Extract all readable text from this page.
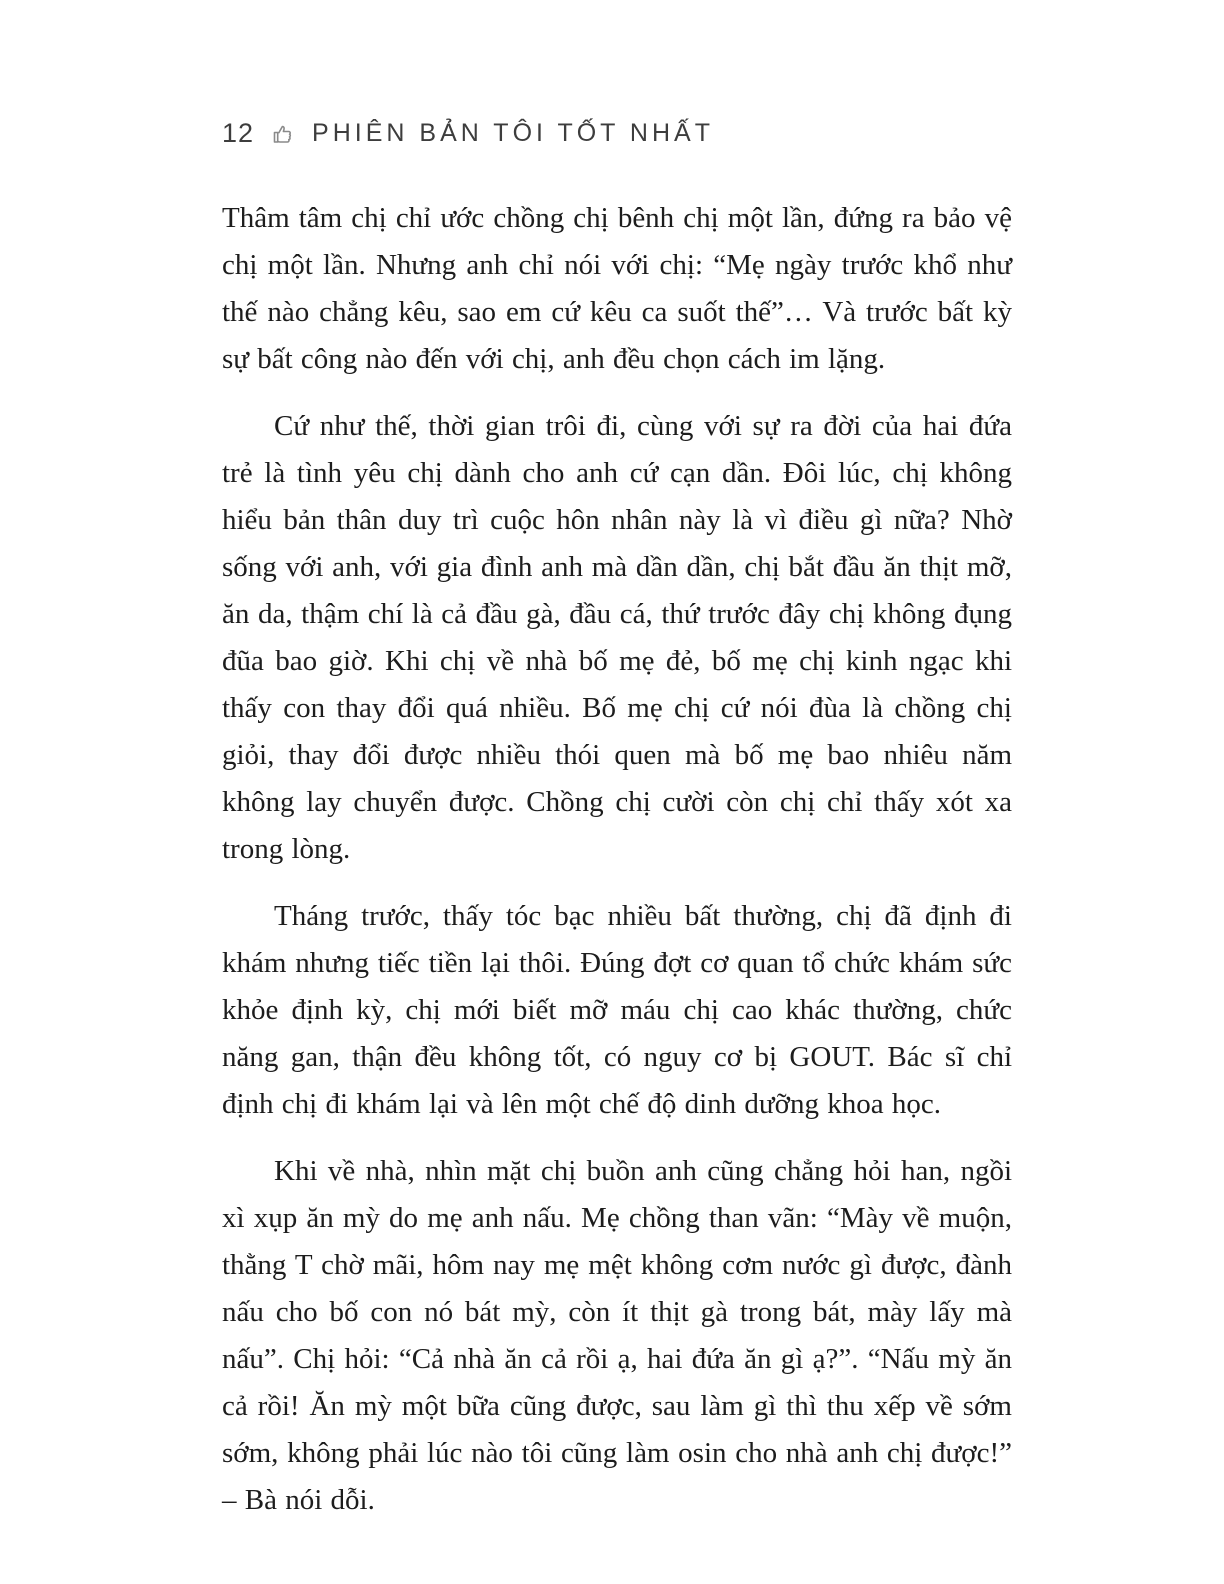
12 PHIÊN BẢN TÔI TỐT NHẤT

Thâm tâm chị chỉ ước chồng chị bênh chị một lần, đứng ra bảo vệ chị một lần. Nhưng anh chỉ nói với chị: “Mẹ ngày trước khổ như thế nào chẳng kêu, sao em cứ kêu ca suốt thế”… Và trước bất kỳ sự bất công nào đến với chị, anh đều chọn cách im lặng.

Cứ như thế, thời gian trôi đi, cùng với sự ra đời của hai đứa trẻ là tình yêu chị dành cho anh cứ cạn dần. Đôi lúc, chị không hiểu bản thân duy trì cuộc hôn nhân này là vì điều gì nữa? Nhờ sống với anh, với gia đình anh mà dần dần, chị bắt đầu ăn thịt mỡ, ăn da, thậm chí là cả đầu gà, đầu cá, thứ trước đây chị không đụng đũa bao giờ. Khi chị về nhà bố mẹ đẻ, bố mẹ chị kinh ngạc khi thấy con thay đổi quá nhiều. Bố mẹ chị cứ nói đùa là chồng chị giỏi, thay đổi được nhiều thói quen mà bố mẹ bao nhiêu năm không lay chuyển được. Chồng chị cười còn chị chỉ thấy xót xa trong lòng.

Tháng trước, thấy tóc bạc nhiều bất thường, chị đã định đi khám nhưng tiếc tiền lại thôi. Đúng đợt cơ quan tổ chức khám sức khỏe định kỳ, chị mới biết mỡ máu chị cao khác thường, chức năng gan, thận đều không tốt, có nguy cơ bị GOUT. Bác sĩ chỉ định chị đi khám lại và lên một chế độ dinh dưỡng khoa học.

Khi về nhà, nhìn mặt chị buồn anh cũng chẳng hỏi han, ngồi xì xụp ăn mỳ do mẹ anh nấu. Mẹ chồng than vãn: “Mày về muộn, thằng T chờ mãi, hôm nay mẹ mệt không cơm nước gì được, đành nấu cho bố con nó bát mỳ, còn ít thịt gà trong bát, mày lấy mà nấu”. Chị hỏi: “Cả nhà ăn cả rồi ạ, hai đứa ăn gì ạ?”. “Nấu mỳ ăn cả rồi! Ăn mỳ một bữa cũng được, sau làm gì thì thu xếp về sớm sớm, không phải lúc nào tôi cũng làm osin cho nhà anh chị được!” – Bà nói dỗi.
